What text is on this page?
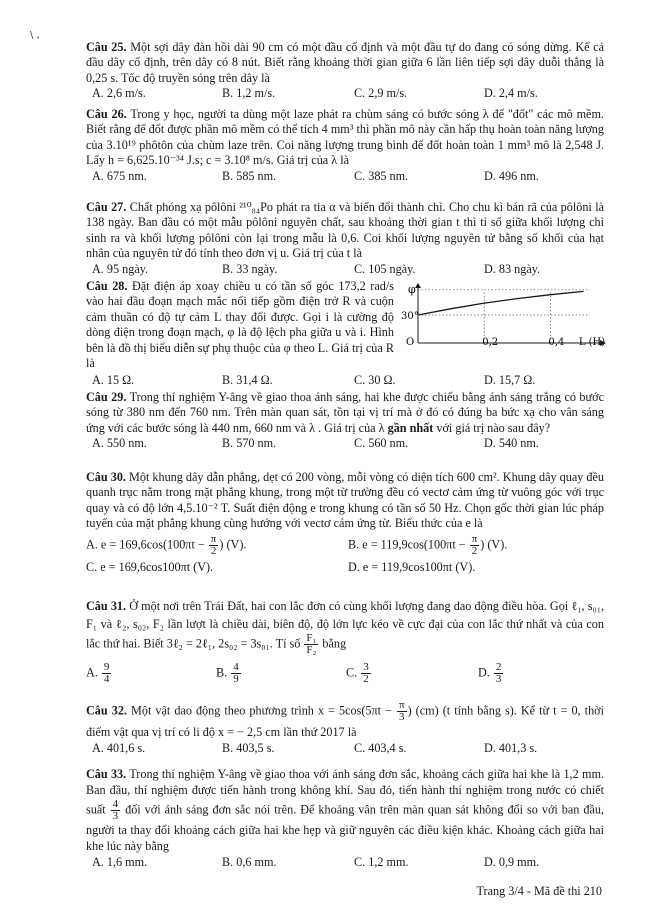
\ ,
Câu 25. Một sợi dây đàn hồi dài 90 cm có một đầu cố định và một đầu tự do đang có sóng dừng. Kể cả đầu dây cố định, trên dây có 8 nút. Biết rằng khoảng thời gian giữa 6 lần liên tiếp sợi dây duỗi thẳng là 0,25 s. Tốc độ truyền sóng trên dây là
A. 2,6 m/s.	B. 1,2 m/s.	C. 2,9 m/s.	D. 2,4 m/s.
Câu 26. Trong y học, người ta dùng một laze phát ra chùm sáng có bước sóng λ để "đốt" các mô mềm. Biết rằng để đốt được phần mô mềm có thể tích 4 mm³ thì phần mô này cần hấp thụ hoàn toàn năng lượng của 3.10¹⁹ phôtôn của chùm laze trên. Coi năng lượng trung bình để đốt hoàn toàn 1 mm³ mô là 2,548 J. Lấy h = 6,625.10⁻³⁴ J.s; c = 3.10⁸ m/s. Giá trị của λ là
A. 675 nm.	B. 585 nm.	C. 385 nm.	D. 496 nm.
Câu 27. Chất phóng xạ pôlôni ²¹⁰₈₄Po phát ra tia α và biến đổi thành chì. Cho chu kì bán rã của pôlôni là 138 ngày. Ban đầu có một mẫu pôlôni nguyên chất, sau khoảng thời gian t thì tỉ số giữa khối lượng chì sinh ra và khối lượng pôlôni còn lại trong mẫu là 0,6. Coi khối lượng nguyên tử bằng số khối của hạt nhân của nguyên tử đó tính theo đơn vị u. Giá trị của t là
A. 95 ngày.	B. 33 ngày.	C. 105 ngày.	D. 83 ngày.
Câu 28. Đặt điện áp xoay chiều u có tần số góc 173,2 rad/s vào hai đầu đoạn mạch mắc nối tiếp gồm điện trở R và cuộn cảm thuần có độ tự cảm L thay đổi được. Gọi i là cường độ dòng điện trong đoạn mạch, φ là độ lệch pha giữa u và i. Hình bên là đồ thị biểu diễn sự phụ thuộc của φ theo L. Giá trị của R là
A. 15 Ω.	B. 31,4 Ω.	C. 30 Ω.	D. 15,7 Ω.
φ
30°
O	0,2	0,4 L (H)
Câu 29. Trong thí nghiệm Y-âng về giao thoa ánh sáng, hai khe được chiếu bằng ánh sáng trắng có bước sóng từ 380 nm đến 760 nm. Trên màn quan sát, tồn tại vị trí mà ở đó có đúng ba bức xạ cho vân sáng ứng với các bước sóng là 440 nm, 660 nm và λ . Giá trị của λ gần nhất với giá trị nào sau đây?
A. 550 nm.	B. 570 nm.	C. 560 nm.	D. 540 nm.
Câu 30. Một khung dây dẫn phẳng, dẹt có 200 vòng, mỗi vòng có diện tích 600 cm². Khung dây quay đều quanh trục nằm trong mặt phẳng khung, trong một từ trường đều có vectơ cảm ứng từ vuông góc với trục quay và có độ lớn 4,5.10⁻² T. Suất điện động e trong khung có tần số 50 Hz. Chọn gốc thời gian lúc pháp tuyến của mặt phẳng khung cùng hướng với vectơ cảm ứng từ. Biểu thức của e là
A. $e = 169,6\cos(100\pi t - \frac{\pi}{2}$ ) (V).	B. $e = 119,9\cos(100\pi t - \frac{\pi}{2}$ ) (V).
C. e = 169,6cos100πt (V).	D. e = 119,9cos100πt (V).
Câu 31. Ở một nơi trên Trái Đất, hai con lắc đơn có cùng khối lượng đang dao động điều hòa. Gọi ℓ₁, s₀₁, F₁ và ℓ₂, s₀₂, F₂ lần lượt là chiều dài, biên độ, độ lớn lực kéo về cực đại của con lắc thứ nhất và của con lắc thứ hai. Biết 3ℓ₂ = 2ℓ₁, 2s₀₂ = 3s₀₁. Tỉ số $\frac{\text{F₁}}{\text{F₂}}$ bằng
A. $\frac{9}{4}$	B. $\frac{4}{9}$	C. $\frac{3}{2}$	D. $\frac{2}{3}$
Câu 32. Một vật dao động theo phương trình $x = 5\cos(5\pi t - \frac{\pi}{3}$ ) (cm) (t tính bằng s). Kể từ t = 0, thời điểm vật qua vị trí có li độ x = − 2,5 cm lần thứ 2017 là
A. 401,6 s.	B. 403,5 s.	C. 403,4 s.	D. 401,3 s.
Câu 33. Trong thí nghiệm Y-âng về giao thoa với ánh sáng đơn sắc, khoảng cách giữa hai khe là 1,2 mm. Ban đầu, thí nghiệm được tiến hành trong không khí. Sau đó, tiến hành thí nghiệm trong nước có chiết suất $\frac{4}{3}$ đối với ánh sáng đơn sắc nói trên. Để khoảng vân trên màn quan sát không đổi so với ban đầu, người ta thay đổi khoảng cách giữa hai khe hẹp và giữ nguyên các điều kiện khác. Khoảng cách giữa hai khe lúc này bằng
A. 1,6 mm.	B. 0,6 mm.	C. 1,2 mm.	D. 0,9 mm.
Trang 3/4 - Mã đề thi 210
